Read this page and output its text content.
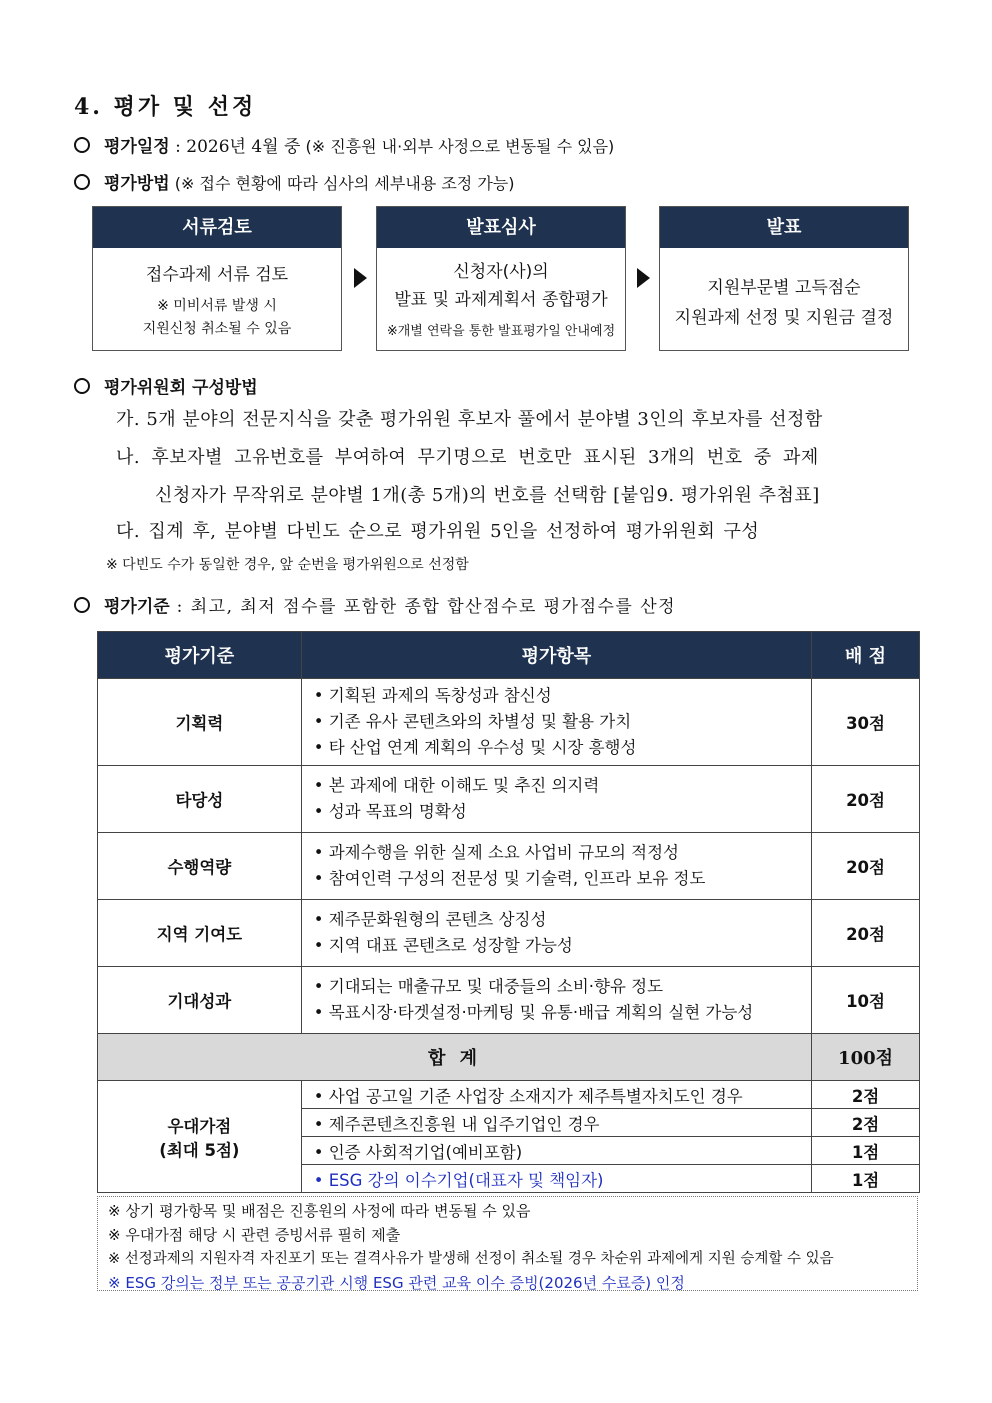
4. 평가 및 선정
평가일정 : 2026년 4월 중 (※ 진흥원 내·외부 사정으로 변동될 수 있음)
평가방법 (※ 접수 현황에 따라 심사의 세부내용 조정 가능)
서류검토
접수과제 서류 검토
※ 미비서류 발생 시
지원신청 취소될 수 있음
발표심사
신청자(사)의
발표 및 과제계획서 종합평가
※개별 연락을 통한 발표평가일 안내예정
발표
지원부문별 고득점순
지원과제 선정 및 지원금 결정
평가위원회 구성방법
가. 5개 분야의 전문지식을 갖춘 평가위원 후보자 풀에서 분야별 3인의 후보자를 선정함
나. 후보자별 고유번호를 부여하여 무기명으로 번호만 표시된 3개의 번호 중 과제
신청자가 무작위로 분야별 1개(총 5개)의 번호를 선택함 [붙임9. 평가위원 추첨표]
다. 집계 후, 분야별 다빈도 순으로 평가위원 5인을 선정하여 평가위원회 구성
※ 다빈도 수가 동일한 경우, 앞 순번을 평가위원으로 선정함
평가기준 : 최고, 최저 점수를 포함한 종합 합산점수로 평가점수를 산정
평가기준	평가항목	배 점
기획력	• 기획된 과제의 독창성과 참신성
• 기존 유사 콘텐츠와의 차별성 및 활용 가치
• 타 산업 연계 계획의 우수성 및 시장 흥행성	30점
타당성	• 본 과제에 대한 이해도 및 추진 의지력
• 성과 목표의 명확성	20점
수행역량	• 과제수행을 위한 실제 소요 사업비 규모의 적정성
• 참여인력 구성의 전문성 및 기술력, 인프라 보유 정도	20점
지역 기여도	• 제주문화원형의 콘텐츠 상징성
• 지역 대표 콘텐츠로 성장할 가능성	20점
기대성과	• 기대되는 매출규모 및 대중들의 소비·향유 정도
• 목표시장·타겟설정·마케팅 및 유통·배급 계획의 실현 가능성	10점
합 계		100점

우대가점
(최대 5점)	• 사업 공고일 기준 사업장 소재지가 제주특별자치도인 경우	2점
	• 제주콘텐츠진흥원 내 입주기업인 경우	2점
	• 인증 사회적기업(예비포함)	1점
	• ESG 강의 이수기업(대표자 및 책임자)	1점
※ 상기 평가항목 및 배점은 진흥원의 사정에 따라 변동될 수 있음
※ 우대가점 해당 시 관련 증빙서류 필히 제출
※ 선정과제의 지원자격 자진포기 또는 결격사유가 발생해 선정이 취소될 경우 차순위 과제에게 지원 승계할 수 있음
※ ESG 강의는 정부 또는 공공기관 시행 ESG 관련 교육 이수 증빙(2026년 수료증) 인정
